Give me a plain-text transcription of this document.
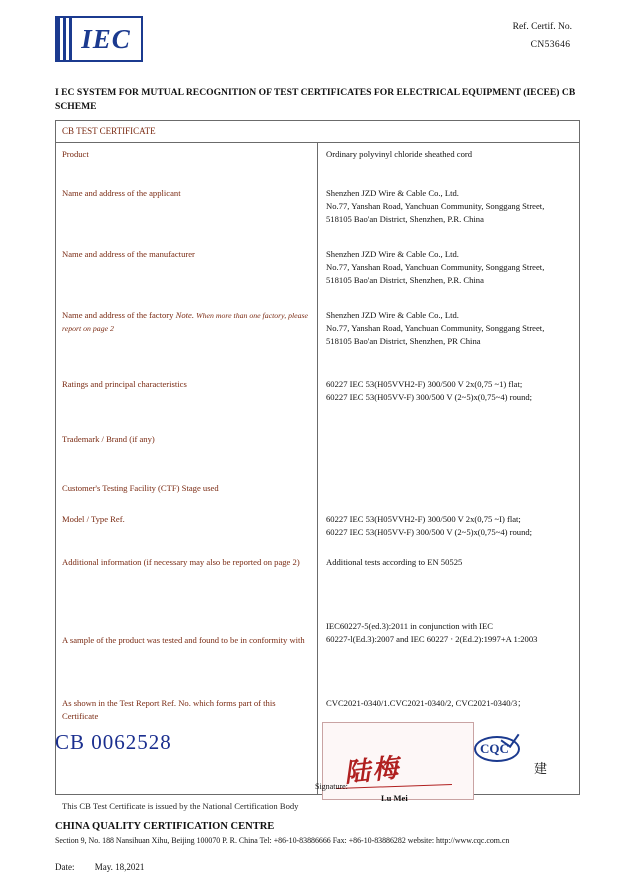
IEC	Ref. Certif. No.
CN53646
I EC SYSTEM FOR MUTUAL RECOGNITION OF TEST CERTIFICATES FOR ELECTRICAL EQUIPMENT (IECEE) CB SCHEME
CB TEST CERTIFICATE	
Product	Ordinary polyvinyl chloride sheathed cord

Name and address of the applicant	Shenzhen JZD Wire & Cable Co., Ltd.
No.77, Yanshan Road, Yanchuan Community, Songgang Street,
518105 Bao'an District, Shenzhen, P.R. China

Name and address of the manufacturer	Shenzhen JZD Wire & Cable Co., Ltd.
No.77, Yanshan Road, Yanchuan Community, Songgang Street,
518105 Bao'an District, Shenzhen, P.R. China

Name and address of the factory Note. When more than one factory, please report on page 2	Shenzhen JZD Wire & Cable Co., Ltd.
No.77, Yanshan Road, Yanchuan Community, Songgang Street,
518105 Bao'an District, Shenzhen, PR China

Ratings and principal characteristics	60227 IEC 53(H05VVH2-F) 300/500 V 2x(0,75 ~1) flat;
60227 IEC 53(H05VV-F) 300/500 V (2~5)x(0,75~4) round;

Trademark / Brand (if any)	
Customer's Testing Facility (CTF) Stage used	
Model / Type Ref.	60227 IEC 53(H05VVH2-F) 300/500 V 2x(0,75 ~I) flat;
60227 IEC 53(H05VV-F) 300/500 V (2~5)x(0,75~4) round;

Additional information (if necessary may also be reported on page 2)	Additional tests according to EN 50525

A sample of the product was tested and found to be in conformity with	IEC60227-5(ed.3):2011 in conjunction with IEC
60227-l(Ed.3):2007 and IEC 60227 ‧ 2(Ed.2):1997+A 1:2003

As shown in the Test Report Ref. No. which forms part of this Certificate	CVC2021-0340/1.CVC2021-0340/2, CVC2021-0340/3；

This CB Test Certificate is issued by the National Certification Body
CHINA QUALITY CERTIFICATION CENTRE
Section 9, No. 188 Nansihuan Xihu, Beijing 100070 P. R. China Tel: +86-10-83886666 Fax: +86-10-83886282 website: http://www.cqc.com.cn
Date: May. 18,2021
CB 0062528
陆梅
Signature:
Lu Mei
CQC
建
